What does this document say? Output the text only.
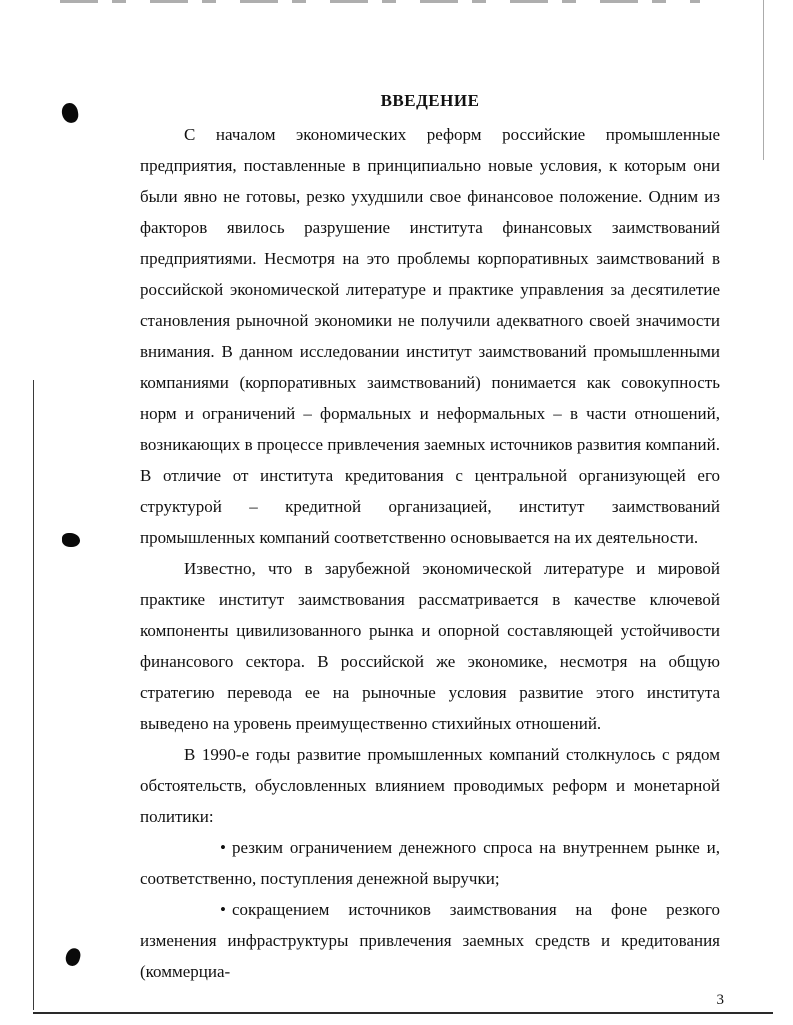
ВВЕДЕНИЕ

С началом экономических реформ российские промышленные предприятия, поставленные в принципиально новые условия, к которым они были явно не готовы, резко ухудшили свое финансовое положение. Одним из факторов явилось разрушение института финансовых заимствований предприятиями. Несмотря на это проблемы корпоративных заимствований в российской экономической литературе и практике управления за десятилетие становления рыночной экономики не получили адекватного своей значимости внимания. В данном исследовании институт заимствований промышленными компаниями (корпоративных заимствований) понимается как совокупность норм и ограничений – формальных и неформальных – в части отношений, возникающих в процессе привлечения заемных источников развития компаний. В отличие от института кредитования с центральной организующей его структурой – кредитной организацией, институт заимствований промышленных компаний соответственно основывается на их деятельности.

Известно, что в зарубежной экономической литературе и мировой практике институт заимствования рассматривается в качестве ключевой компоненты цивилизованного рынка и опорной составляющей устойчивости финансового сектора. В российской же экономике, несмотря на общую стратегию перевода ее на рыночные условия развитие этого института выведено на уровень преимущественно стихийных отношений.

В 1990-е годы развитие промышленных компаний столкнулось с рядом обстоятельств, обусловленных влиянием проводимых реформ и монетарной политики:

• резким ограничением денежного спроса на внутреннем рынке и, соответственно, поступления денежной выручки;

• сокращением источников заимствования на фоне резкого изменения инфраструктуры привлечения заемных средств и кредитования (коммерциа-

3
